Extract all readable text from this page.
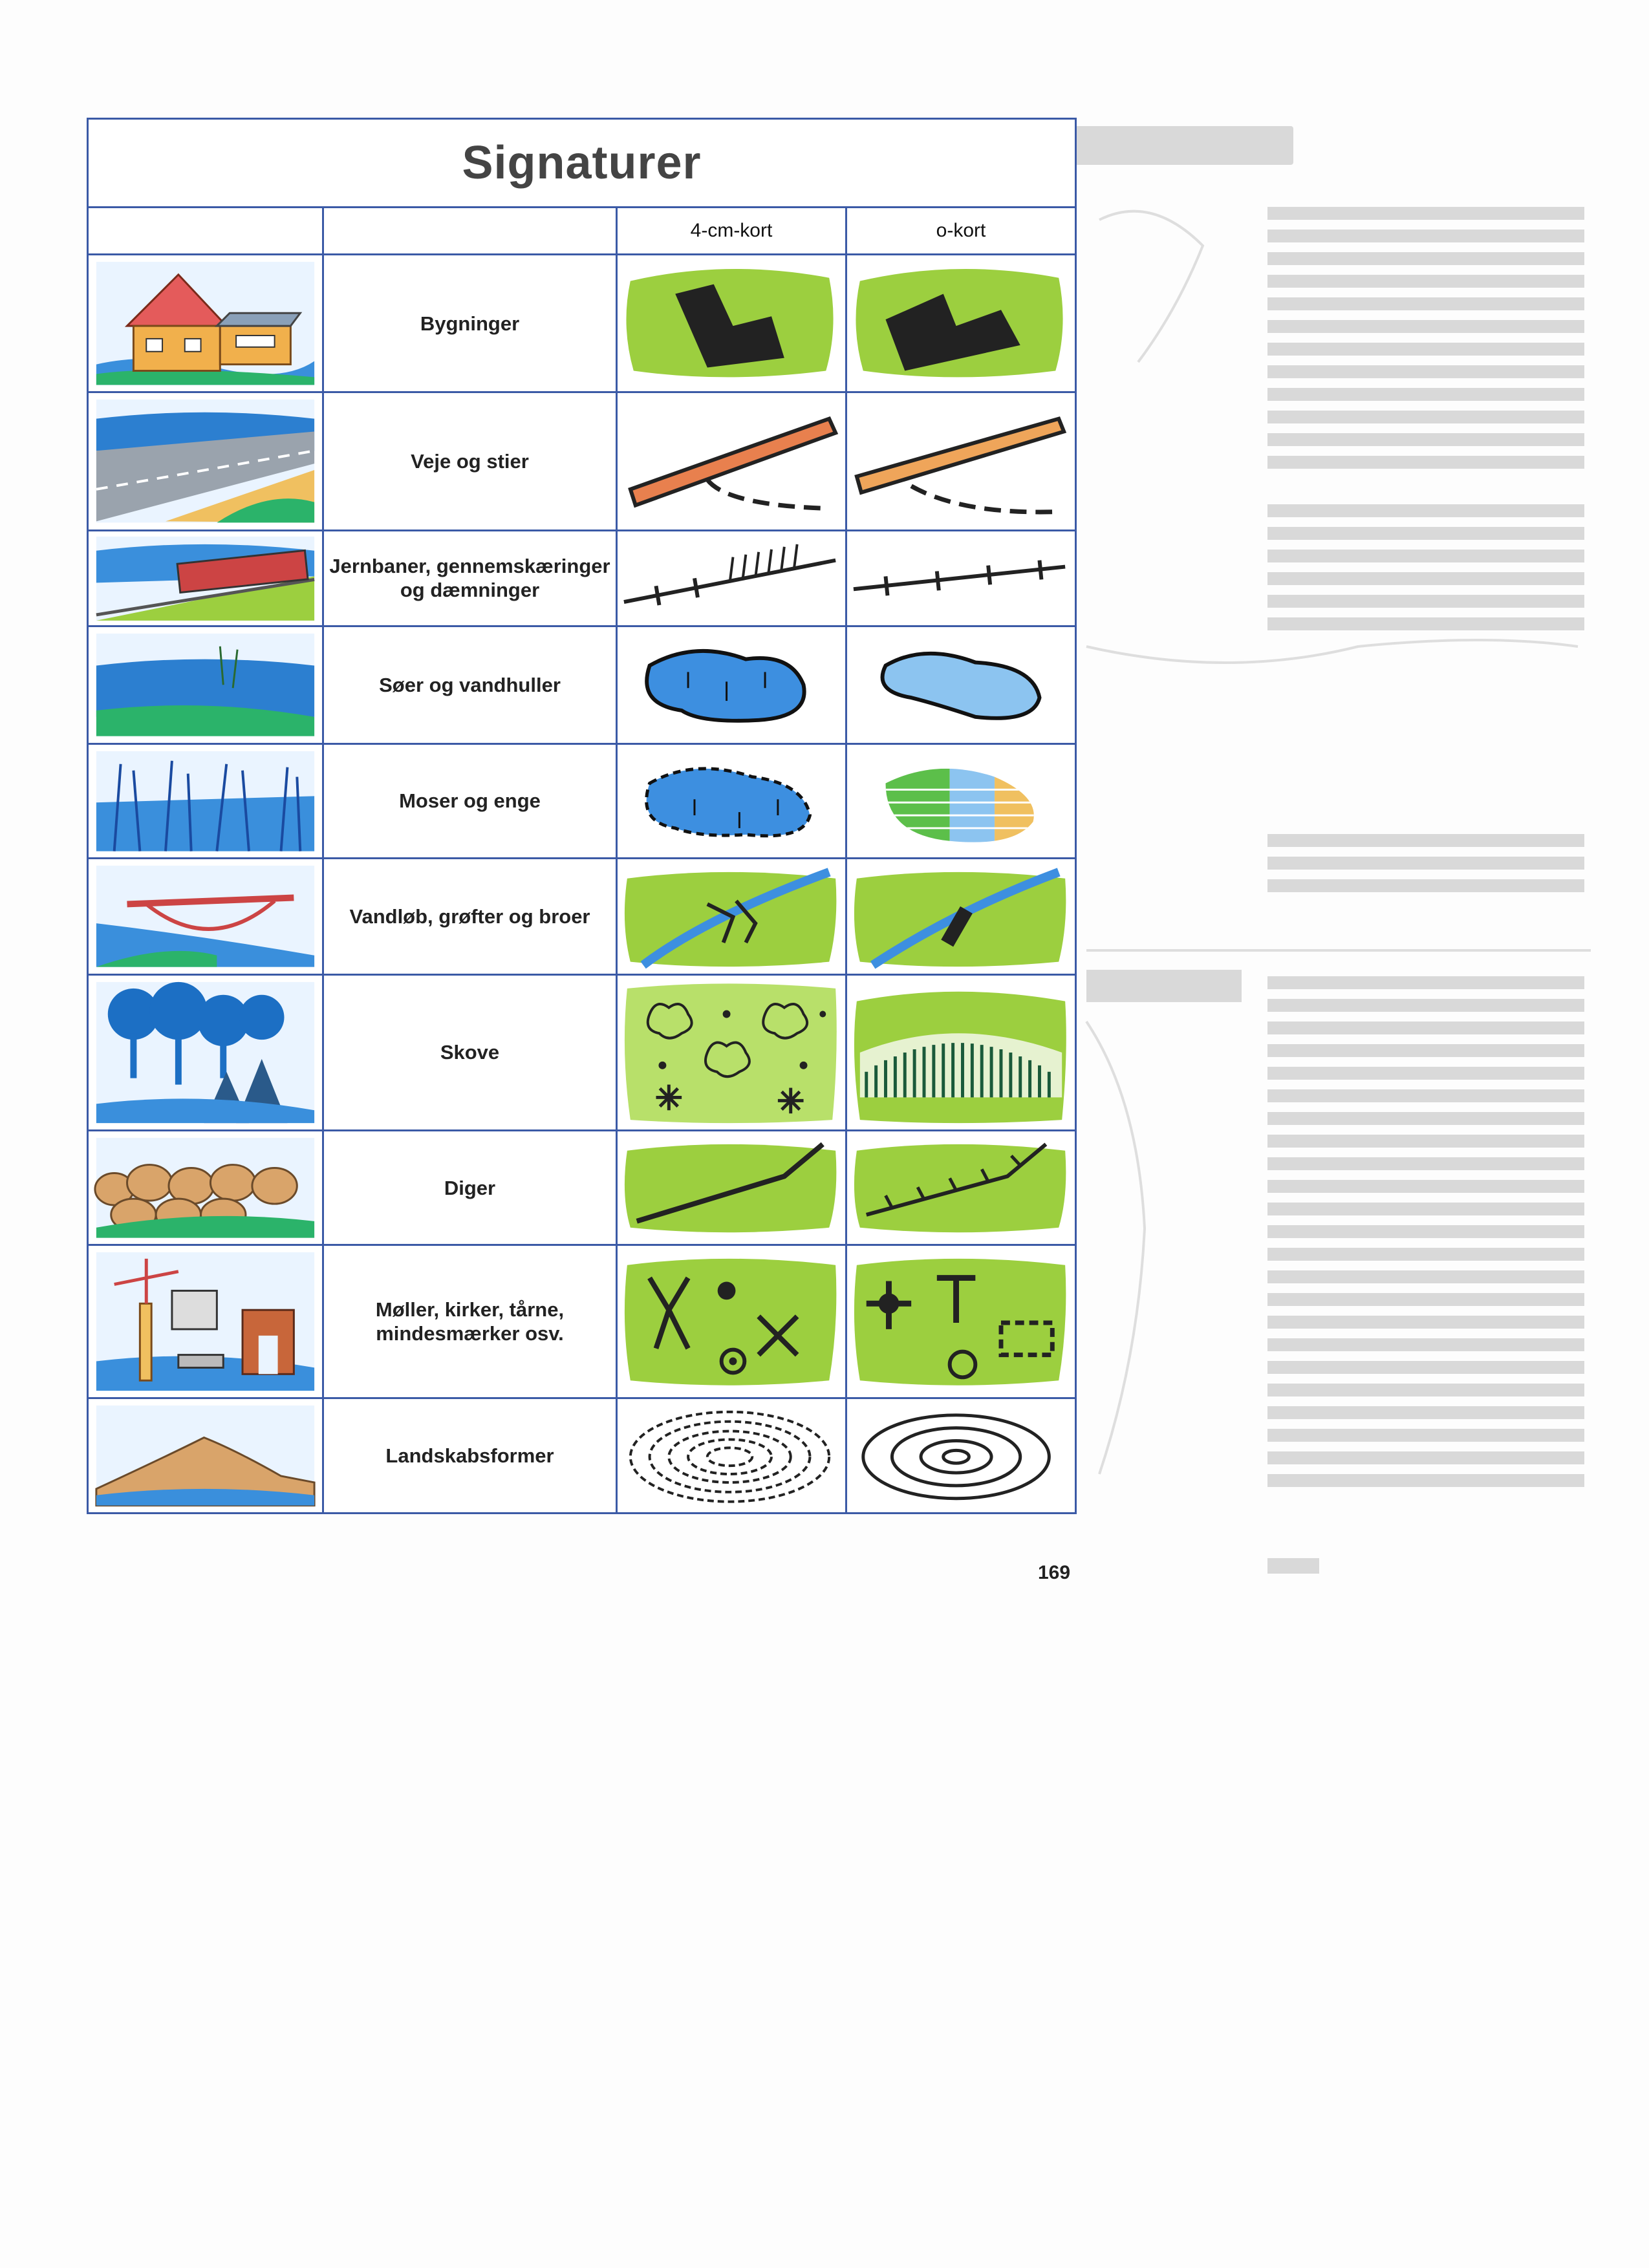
Signaturer			
		4-cm-kort	o-kort

	Bygninger	

	Veje og stier	

	Jernbaner, gennemskæringer og dæmninger	

	Søer og vandhuller	

	Moser og enge	

	Vandløb, grøfter og broer	

	Skove	

	Diger	

	Møller, kirker, tårne, mindesmærker osv.	

	Landskabsformer	

169
